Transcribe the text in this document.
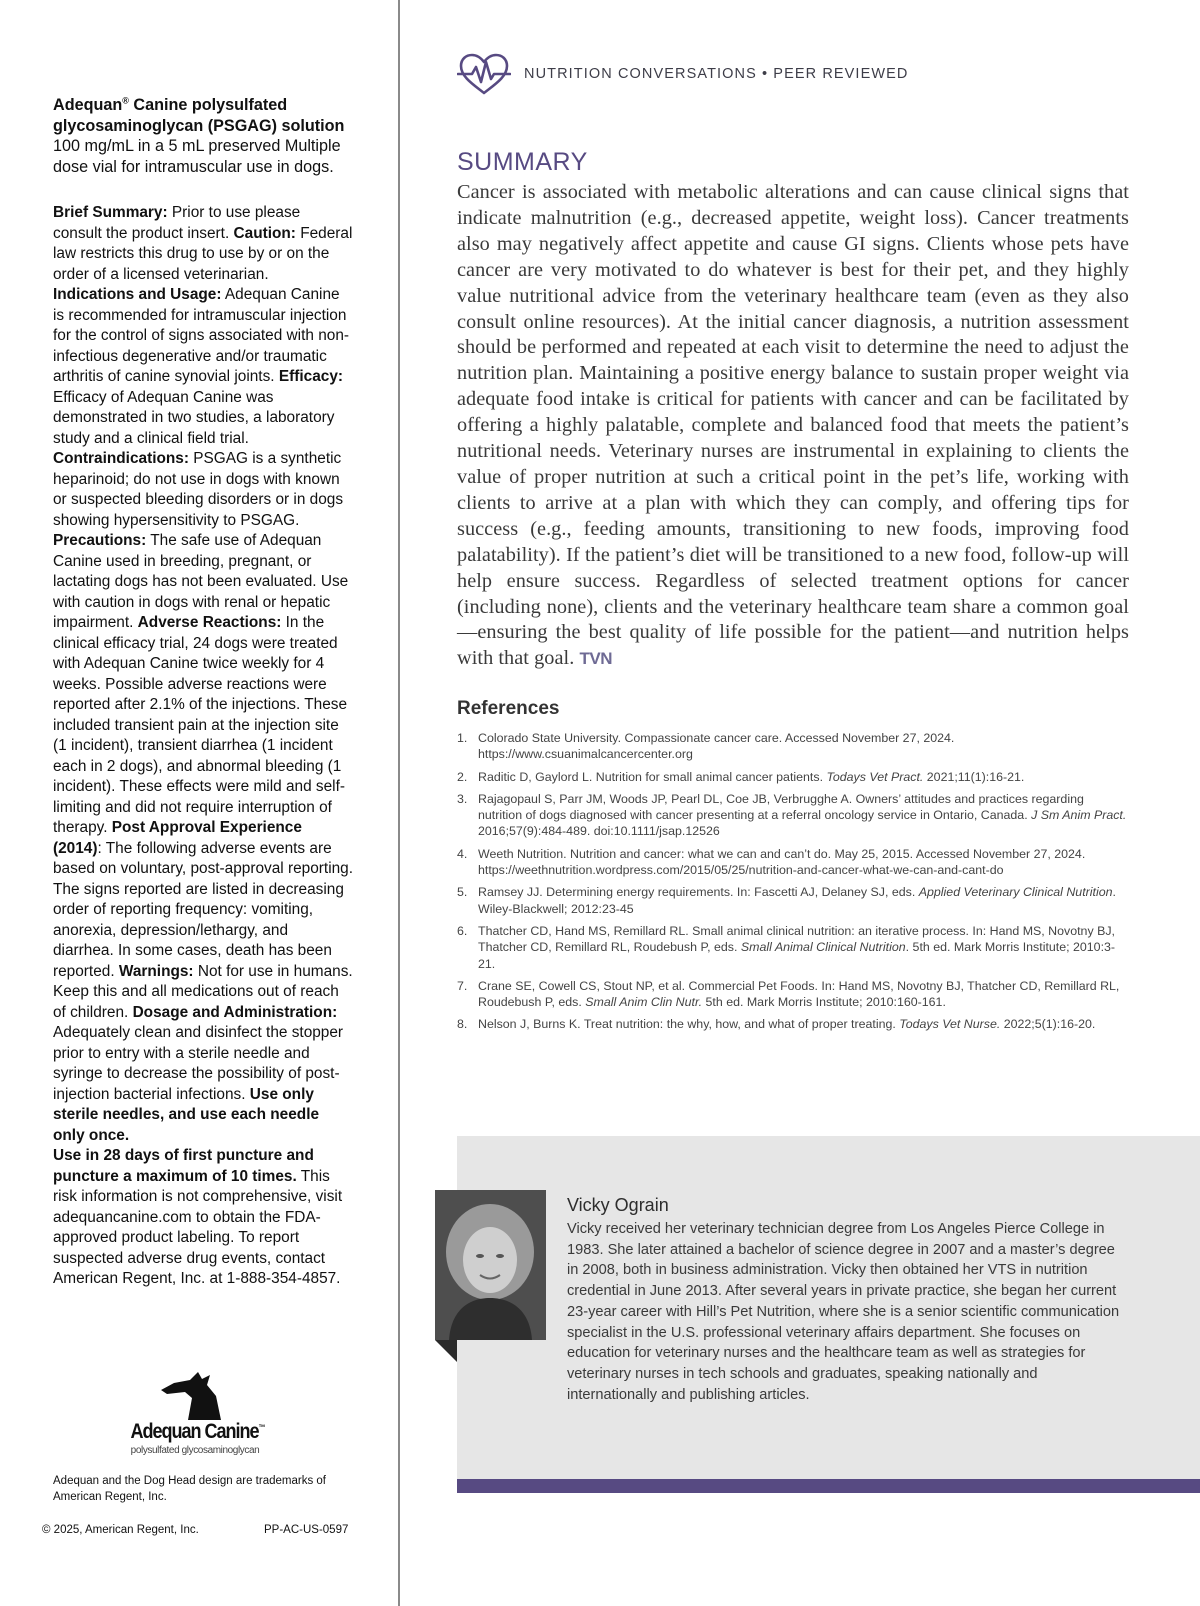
Adequan® Canine polysulfated glycosaminoglycan (PSGAG) solution 100 mg/mL in a 5 mL preserved Multiple dose vial for intramuscular use in dogs.
Brief Summary: Prior to use please consult the product insert. Caution: Federal law restricts this drug to use by or on the order of a licensed veterinarian. Indications and Usage: Adequan Canine is recommended for intramuscular injection for the control of signs associated with non-infectious degenerative and/or traumatic arthritis of canine synovial joints. Efficacy: Efficacy of Adequan Canine was demonstrated in two studies, a laboratory study and a clinical field trial. Contraindications: PSGAG is a synthetic heparinoid; do not use in dogs with known or suspected bleeding disorders or in dogs showing hypersensitivity to PSGAG. Precautions: The safe use of Adequan Canine used in breeding, pregnant, or lactating dogs has not been evaluated. Use with caution in dogs with renal or hepatic impairment. Adverse Reactions: In the clinical efficacy trial, 24 dogs were treated with Adequan Canine twice weekly for 4 weeks. Possible adverse reactions were reported after 2.1% of the injections. These included transient pain at the injection site (1 incident), transient diarrhea (1 incident each in 2 dogs), and abnormal bleeding (1 incident). These effects were mild and self-limiting and did not require interruption of therapy. Post Approval Experience (2014): The following adverse events are based on voluntary, post-approval reporting. The signs reported are listed in decreasing order of reporting frequency: vomiting, anorexia, depression/lethargy, and diarrhea. In some cases, death has been reported. Warnings: Not for use in humans. Keep this and all medications out of reach of children. Dosage and Administration: Adequately clean and disinfect the stopper prior to entry with a sterile needle and syringe to decrease the possibility of post-injection bacterial infections. Use only sterile needles, and use each needle only once.
Use in 28 days of first puncture and puncture a maximum of 10 times. This risk information is not comprehensive, visit adequancanine.com to obtain the FDA-approved product labeling. To report suspected adverse drug events, contact American Regent, Inc. at 1-888-354-4857.
Adequan Canine™
polysulfated glycosaminoglycan
Adequan and the Dog Head design are trademarks of American Regent, Inc.
© 2025, American Regent, Inc.	PP-AC-US-0597
NUTRITION CONVERSATIONS • PEER REVIEWED
SUMMARY
Cancer is associated with metabolic alterations and can cause clinical signs that indicate malnutrition (e.g., decreased appetite, weight loss). Cancer treatments also may negatively affect appetite and cause GI signs. Clients whose pets have cancer are very motivated to do whatever is best for their pet, and they highly value nutritional advice from the veterinary healthcare team (even as they also consult online resources). At the initial cancer diagnosis, a nutrition assessment should be performed and repeated at each visit to determine the need to adjust the nutrition plan. Maintaining a positive energy balance to sustain proper weight via adequate food intake is critical for patients with cancer and can be facilitated by offering a highly palatable, complete and balanced food that meets the patient’s nutritional needs. Veterinary nurses are instrumental in explaining to clients the value of proper nutrition at such a critical point in the pet’s life, working with clients to arrive at a plan with which they can comply, and offering tips for success (e.g., feeding amounts, transitioning to new foods, improving food palatability). If the patient’s diet will be transitioned to a new food, follow-up will help ensure success. Regardless of selected treatment options for cancer (including none), clients and the veterinary healthcare team share a common goal—ensuring the best quality of life possible for the patient—and nutrition helps with that goal. TVN
References
1. Colorado State University. Compassionate cancer care. Accessed November 27, 2024. https://www.csuanimalcancercenter.org
2. Raditic D, Gaylord L. Nutrition for small animal cancer patients. Todays Vet Pract. 2021;11(1):16-21.
3. Rajagopaul S, Parr JM, Woods JP, Pearl DL, Coe JB, Verbrugghe A. Owners’ attitudes and practices regarding nutrition of dogs diagnosed with cancer presenting at a referral oncology service in Ontario, Canada. J Sm Anim Pract. 2016;57(9):484-489. doi:10.1111/jsap.12526
4. Weeth Nutrition. Nutrition and cancer: what we can and can’t do. May 25, 2015. Accessed November 27, 2024. https://weethnutrition.wordpress.com/2015/05/25/nutrition-and-cancer-what-we-can-and-cant-do
5. Ramsey JJ. Determining energy requirements. In: Fascetti AJ, Delaney SJ, eds. Applied Veterinary Clinical Nutrition. Wiley-Blackwell; 2012:23-45
6. Thatcher CD, Hand MS, Remillard RL. Small animal clinical nutrition: an iterative process. In: Hand MS, Novotny BJ, Thatcher CD, Remillard RL, Roudebush P, eds. Small Animal Clinical Nutrition. 5th ed. Mark Morris Institute; 2010:3-21.
7. Crane SE, Cowell CS, Stout NP, et al. Commercial Pet Foods. In: Hand MS, Novotny BJ, Thatcher CD, Remillard RL, Roudebush P, eds. Small Anim Clin Nutr. 5th ed. Mark Morris Institute; 2010:160-161.
8. Nelson J, Burns K. Treat nutrition: the why, how, and what of proper treating. Todays Vet Nurse. 2022;5(1):16-20.
Vicky Ograin
Vicky received her veterinary technician degree from Los Angeles Pierce College in 1983. She later attained a bachelor of science degree in 2007 and a master’s degree in 2008, both in business administration. Vicky then obtained her VTS in nutrition credential in June 2013. After several years in private practice, she began her current 23-year career with Hill’s Pet Nutrition, where she is a senior scientific communication specialist in the U.S. professional veterinary affairs department. She focuses on education for veterinary nurses and the healthcare team as well as strategies for veterinary nurses in tech schools and graduates, speaking nationally and internationally and publishing articles.
